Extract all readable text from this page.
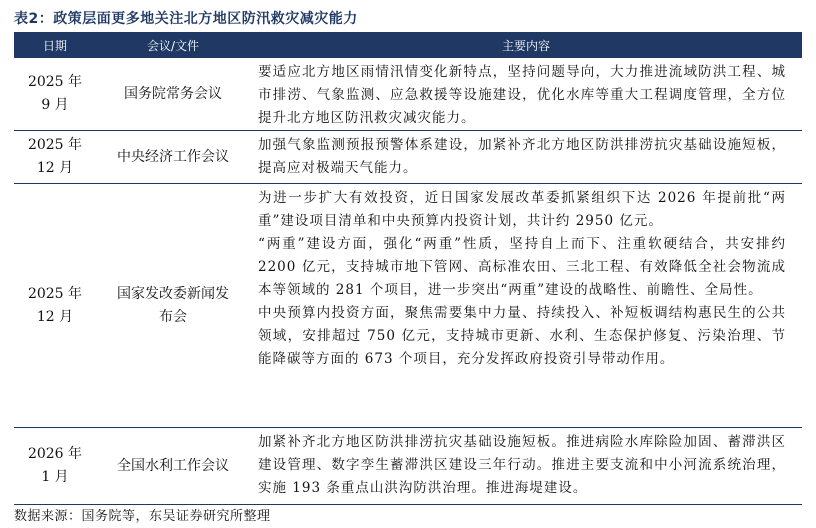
表2：政策层面更多地关注北方地区防汛救灾减灾能力
日期	会议/文件	主要内容
2025 年
9 月
国务院常务会议

要适应北方地区雨情汛情变化新特点，坚持问题导向，大力推进流域防洪工程、城市排涝、气象监测、应急救援等设施建设，优化水库等重大工程调度管理，全方位提升北方地区防汛救灾减灾能力。

2025 年
12 月
中央经济工作会议

加强气象监测预报预警体系建设，加紧补齐北方地区防洪排涝抗灾基础设施短板，提高应对极端天气能力。

2025 年
12 月
国家发改委新闻发
布会

为进一步扩大有效投资，近日国家发展改革委抓紧组织下达 2026 年提前批“两重”建设项目清单和中央预算内投资计划，共计约 2950 亿元。

“两重”建设方面，强化“两重”性质，坚持自上而下、注重软硬结合，共安排约 2200 亿元，支持城市地下管网、高标准农田、三北工程、有效降低全社会物流成本等领域的 281 个项目，进一步突出“两重”建设的战略性、前瞻性、全局性。

中央预算内投资方面，聚焦需要集中力量、持续投入、补短板调结构惠民生的公共领域，安排超过 750 亿元，支持城市更新、水利、生态保护修复、污染治理、节能降碳等方面的 673 个项目，充分发挥政府投资引导带动作用。

2026 年
1 月
全国水利工作会议

加紧补齐北方地区防洪排涝抗灾基础设施短板。推进病险水库除险加固、蓄滞洪区建设管理、数字孪生蓄滞洪区建设三年行动。推进主要支流和中小河流系统治理，实施 193 条重点山洪沟防洪治理。推进海堤建设。

数据来源：国务院等，东吴证券研究所整理
